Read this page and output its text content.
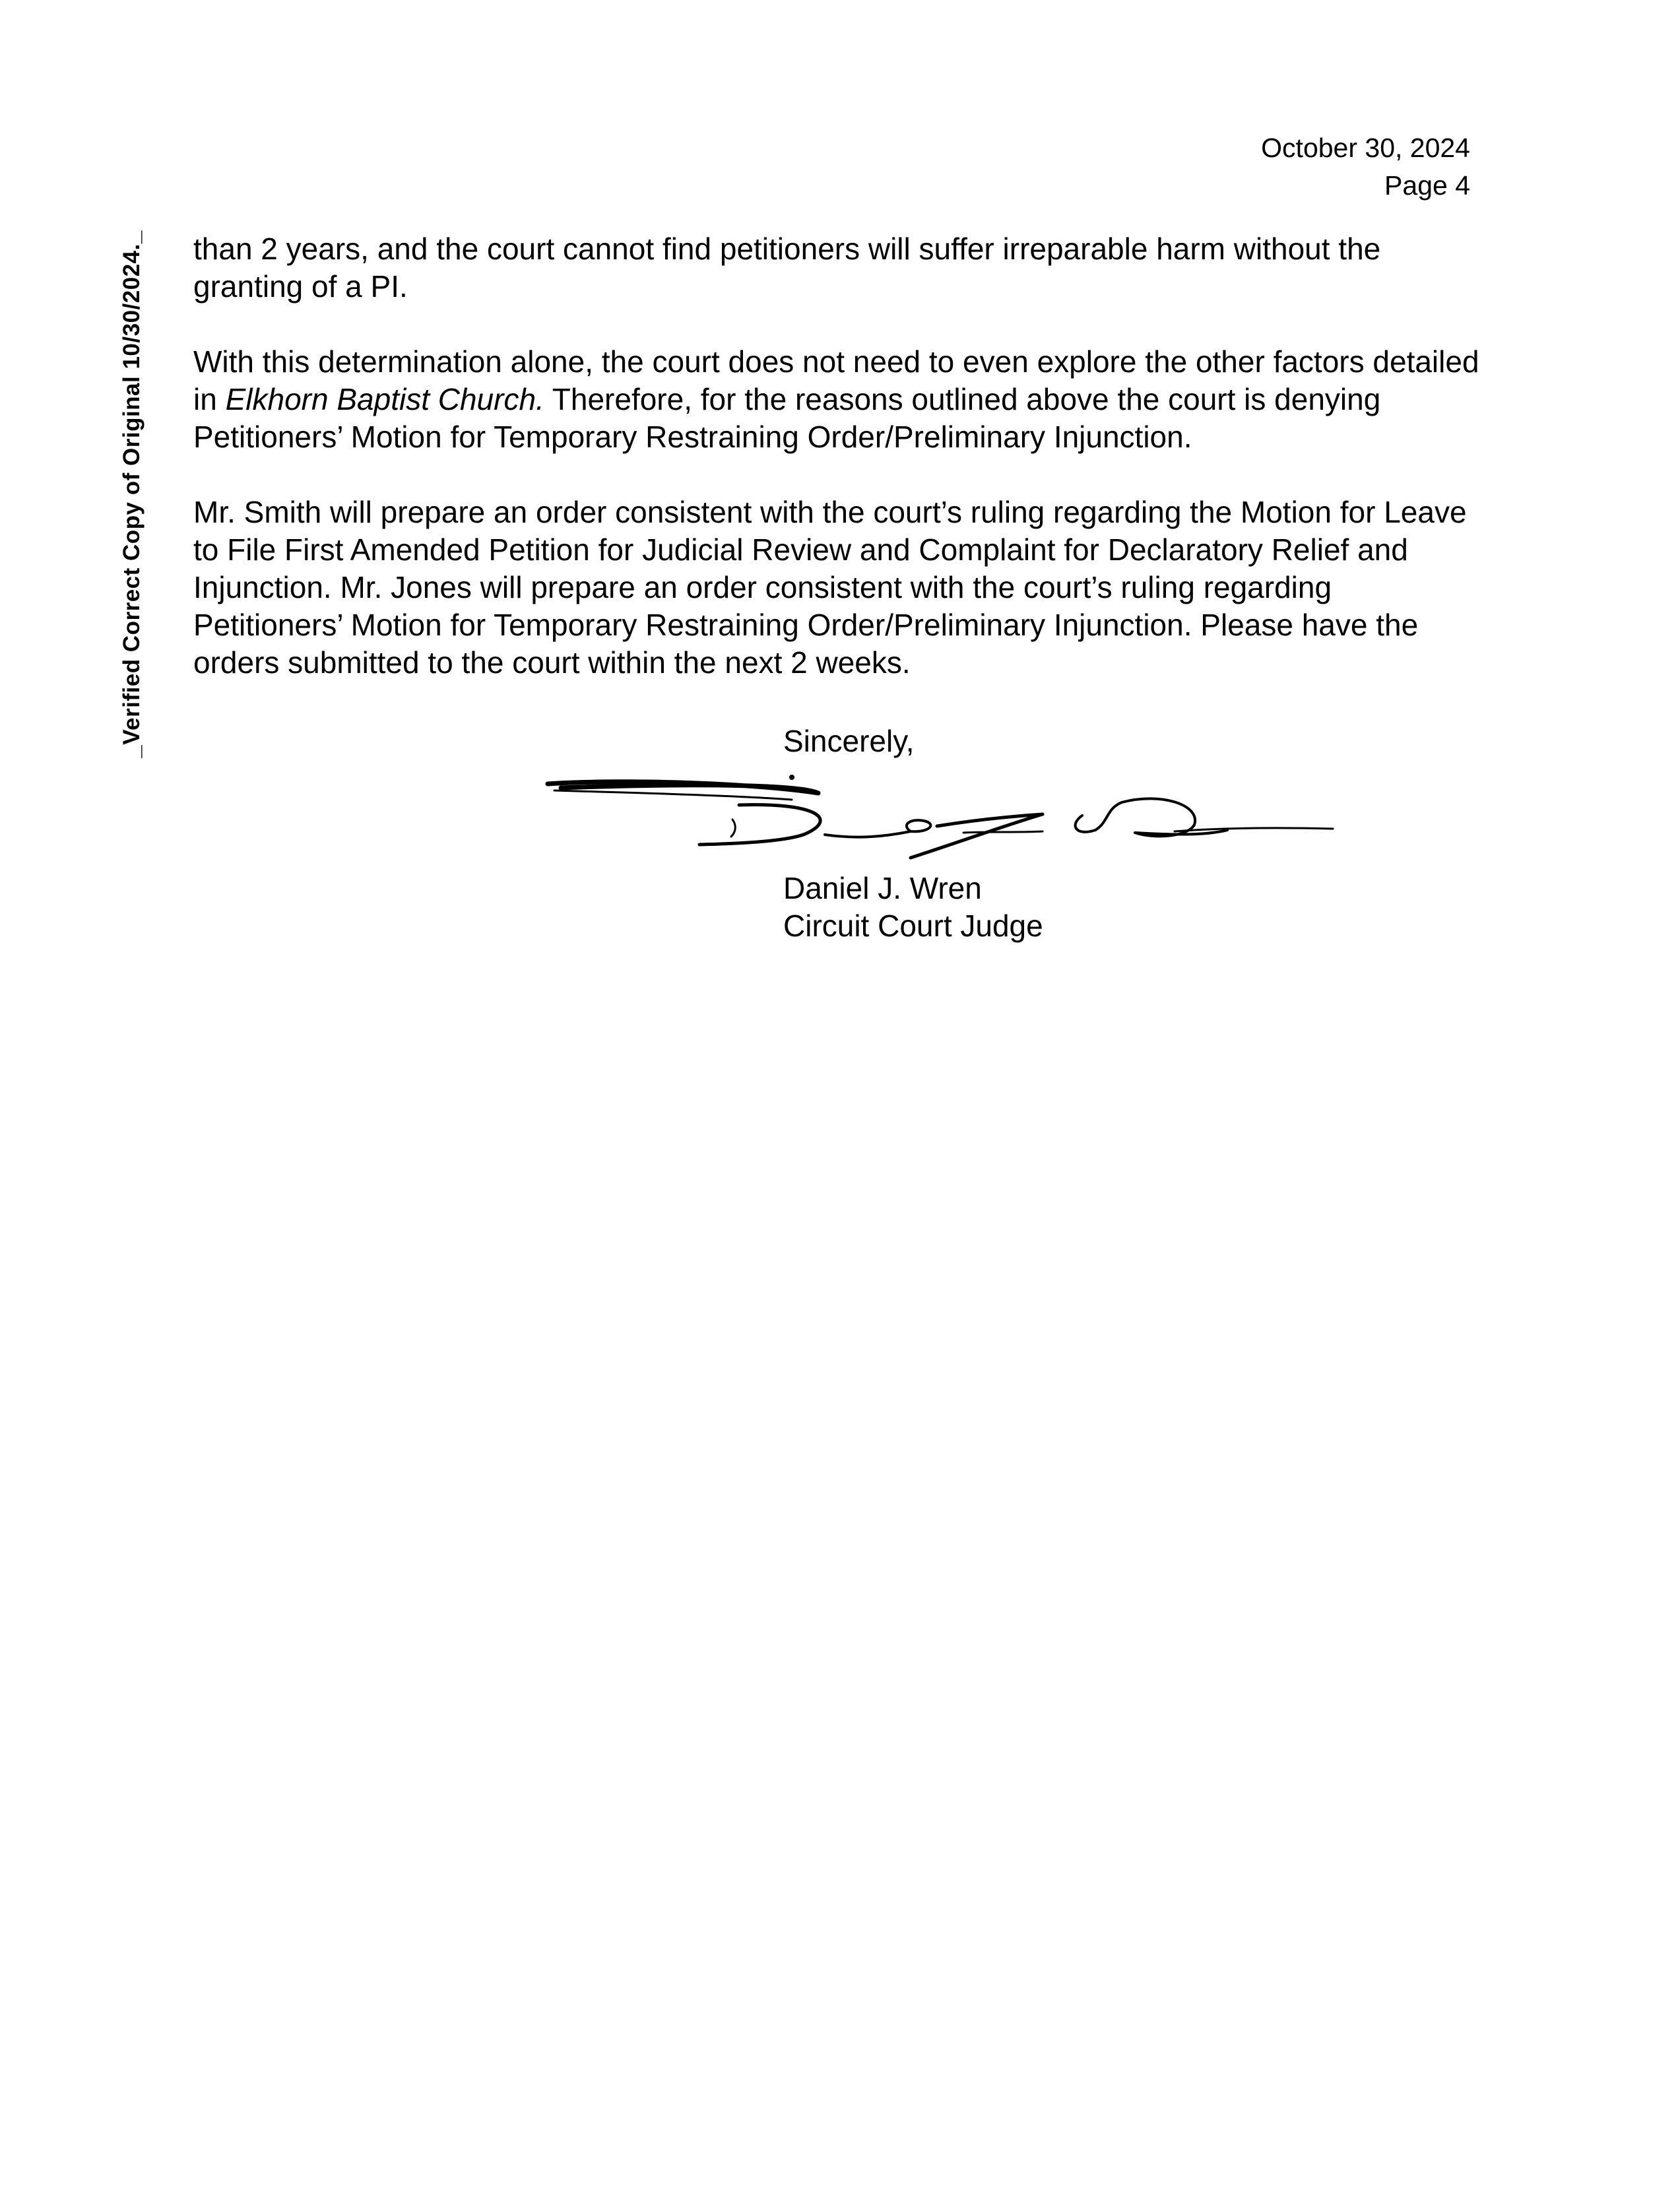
October 30, 2024
Page 4
_Verified Correct Copy of Original 10/30/2024._ than 2 years, and the court cannot find petitioners will suffer irreparable harm without the granting of a PI.

With this determination alone, the court does not need to even explore the other factors detailed in Elkhorn Baptist Church. Therefore, for the reasons outlined above the court is denying Petitioners’ Motion for Temporary Restraining Order/Preliminary Injunction.

Mr. Smith will prepare an order consistent with the court’s ruling regarding the Motion for Leave to File First Amended Petition for Judicial Review and Complaint for Declaratory Relief and Injunction. Mr. Jones will prepare an order consistent with the court’s ruling regarding Petitioners’ Motion for Temporary Restraining Order/Preliminary Injunction. Please have the orders submitted to the court within the next 2 weeks.

Sincerely,
Daniel J. Wren
Circuit Court Judge
